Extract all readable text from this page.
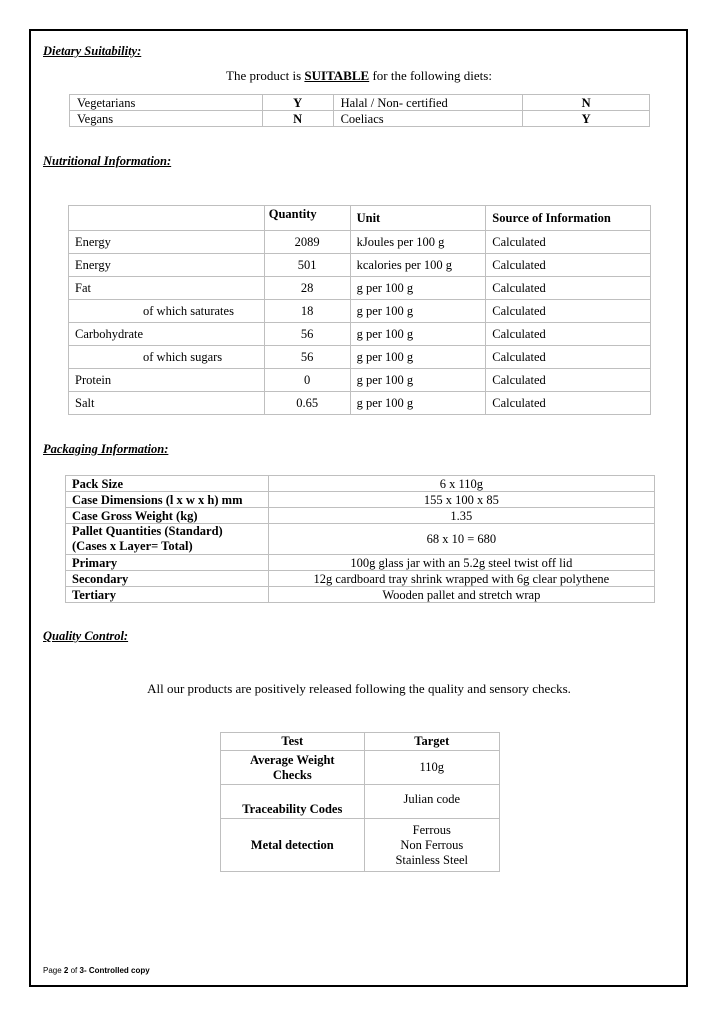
Dietary Suitability:
The product is SUITABLE for the following diets:
Vegetarians	Y	Halal / Non- certified	N
Vegans	N	Coeliacs	Y
Nutritional Information:
	Quantity	Unit	Source of Information
Energy	2089	kJoules per 100 g	Calculated
Energy	501	kcalories per 100 g	Calculated
Fat	28	g per 100 g	Calculated
of which saturates	18	g per 100 g	Calculated
Carbohydrate	56	g per 100 g	Calculated
of which sugars	56	g per 100 g	Calculated
Protein	0	g per 100 g	Calculated
Salt	0.65	g per 100 g	Calculated
Packaging Information:
Pack Size	6 x 110g
Case Dimensions (l x w x h) mm	155 x 100 x 85
Case Gross Weight (kg)	1.35

Pallet Quantities (Standard)
(Cases x Layer= Total)	68 x 10 = 680
Primary	100g glass jar with an 5.2g steel twist off lid
Secondary	12g cardboard tray shrink wrapped with 6g clear polythene
Tertiary	Wooden pallet and stretch wrap
Quality Control:
All our products are positively released following the quality and sensory checks.
Test	Target

Average Weight
Checks	110g
Traceability Codes	Julian code
Metal detection	Ferrous
Non Ferrous
Stainless Steel
Page 2 of 3- Controlled copy
